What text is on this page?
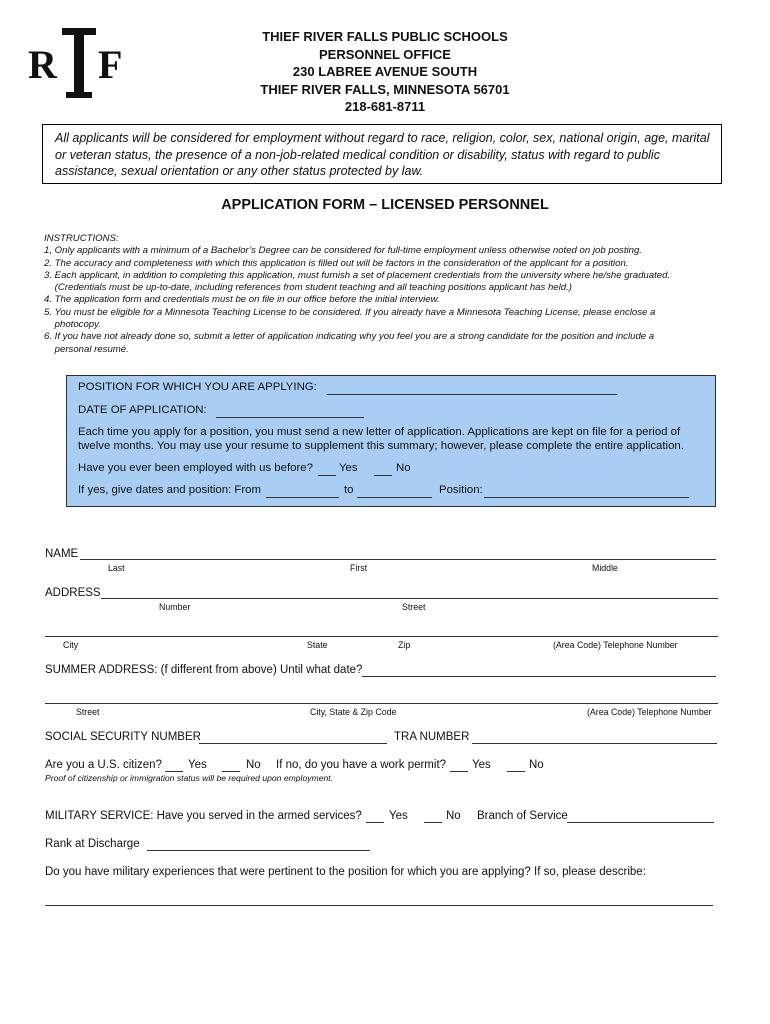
R F
THIEF RIVER FALLS PUBLIC SCHOOLS
PERSONNEL OFFICE
230 LABREE AVENUE SOUTH
THIEF RIVER FALLS, MINNESOTA 56701
218-681-8711
All applicants will be considered for employment without regard to race, religion, color, sex, national origin, age, marital or veteran status, the presence of a non-job-related medical condition or disability, status with regard to public assistance, sexual orientation or any other status protected by law.
APPLICATION FORM – LICENSED PERSONNEL
INSTRUCTIONS:
1, Only applicants with a minimum of a Bachelor’s Degree can be considered for full-time employment unless otherwise noted on job posting.
2. The accuracy and completeness with which this application is filled out will be factors in the consideration of the applicant for a position.
3. Each applicant, in addition to completing this application, must furnish a set of placement credentials from the university where he/she graduated.
(Credentials must be up-to-date, including references from student teaching and all teaching positions applicant has held.)
4. The application form and credentials must be on file in our office before the initial interview.
5. You must be eligible for a Minnesota Teaching License to be considered. If you already have a Minnesota Teaching License, please enclose a
photocopy.
6. If you have not already done so, submit a letter of application indicating why you feel you are a strong candidate for the position and include a
personal resumé.
POSITION FOR WHICH YOU ARE APPLYING:
DATE OF APPLICATION:
Each time you apply for a position, you must send a new letter of application. Applications are kept on file for a period of
twelve months. You may use your resume to supplement this summary; however, please complete the entire application.
Have you ever been employed with us before? Yes	No
If yes, give dates and position: From	to	Position:
NAME
Last	First	Middle
ADDRESS
Number	Street
City	State	Zip	(Area Code) Telephone Number
SUMMER ADDRESS: (f different from above) Until what date?
Street	City, State & Zip Code	(Area Code) Telephone Number
SOCIAL SECURITY NUMBER	TRA NUMBER
Are you a U.S. citizen? Yes	No If no, do you have a work permit? Yes	No
Proof of citizenship or immigration status will be required upon employment.
MILITARY SERVICE: Have you served in the armed services? Yes	No Branch of Service
Rank at Discharge
Do you have military experiences that were pertinent to the position for which you are applying? If so, please describe:
